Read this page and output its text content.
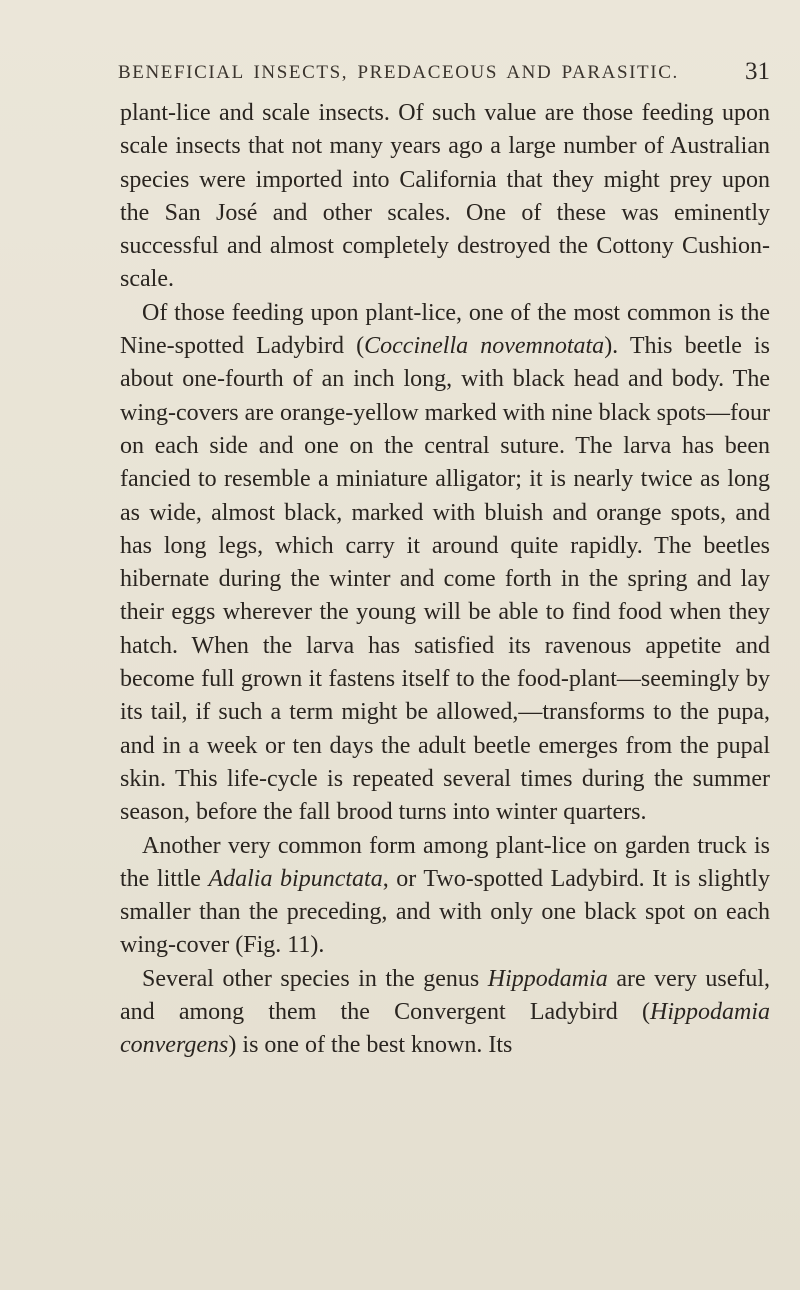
BENEFICIAL INSECTS, PREDACEOUS AND PARASITIC.	31

plant-lice and scale insects. Of such value are those feeding upon scale insects that not many years ago a large number of Australian species were imported into California that they might prey upon the San José and other scales. One of these was eminently successful and almost completely destroyed the Cottony Cushion-scale.

Of those feeding upon plant-lice, one of the most common is the Nine-spotted Ladybird (Coccinella novemnotata). This beetle is about one-fourth of an inch long, with black head and body. The wing-covers are orange-yellow marked with nine black spots—four on each side and one on the central suture. The larva has been fancied to resemble a miniature alligator; it is nearly twice as long as wide, almost black, marked with bluish and orange spots, and has long legs, which carry it around quite rapidly. The beetles hibernate during the winter and come forth in the spring and lay their eggs wherever the young will be able to find food when they hatch. When the larva has satisfied its ravenous appetite and become full grown it fastens itself to the food-plant—seemingly by its tail, if such a term might be allowed,—transforms to the pupa, and in a week or ten days the adult beetle emerges from the pupal skin. This life-cycle is repeated several times during the summer season, before the fall brood turns into winter quarters.

Another very common form among plant-lice on garden truck is the little Adalia bipunctata, or Two-spotted Ladybird. It is slightly smaller than the preceding, and with only one black spot on each wing-cover (Fig. 11).

Several other species in the genus Hippodamia are very useful, and among them the Convergent Ladybird (Hippodamia convergens) is one of the best known. Its
